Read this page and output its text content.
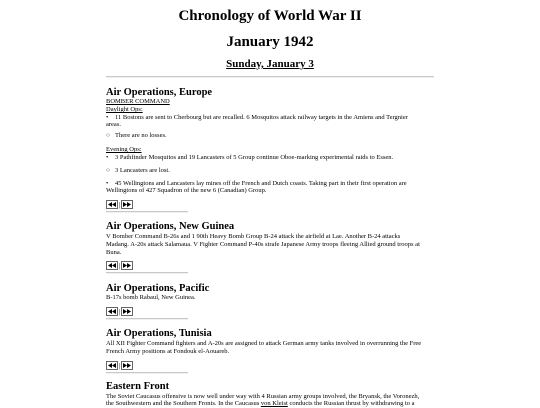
Chronology of World War II
January 1942
Sunday, January 3
Air Operations, Europe
BOMBER COMMAND
Daylight Ops:
• 11 Bostons are sent to Cherbourg but are recalled. 6 Mosquitos attack railway targets in the Amiens and Tergnier
areas.
○ There are no losses.
Evening Ops:
• 3 Pathfinder Mosquitos and 19 Lancasters of 5 Group continue Oboe-marking experimental raids to Essen.
○ 3 Lancasters are lost.
• 45 Wellingtons and Lancasters lay mines off the French and Dutch coasts. Taking part in their first operation are
Wellingtons of 427 Squadron of the new 6 (Canadian) Group.
|
Air Operations, New Guinea
V Bomber Command B-26s and 1 90th Heavy Bomb Group B-24 attack the airfield at Lae. Another B-24 attacks
Madang. A-20s attack Salamaua. V Fighter Command P-40s strafe Japanese Army troops fleeing Allied ground troops at
Buna.
|
Air Operations, Pacific
B-17s bomb Rabaul, New Guinea.
|
Air Operations, Tunisia
All XII Fighter Command fighters and A-20s are assigned to attack German army tanks involved in overrunning the Free
French Army positions at Fondouk el-Aouareb.
|
Eastern Front
The Soviet Caucasus offensive is now well under way with 4 Russian army groups involved, the Bryansk, the Voronezh,
the Southwestern and the Southern Fronts. In the Caucasus von Kleist conducts the Russian thrust by withdrawing to a
